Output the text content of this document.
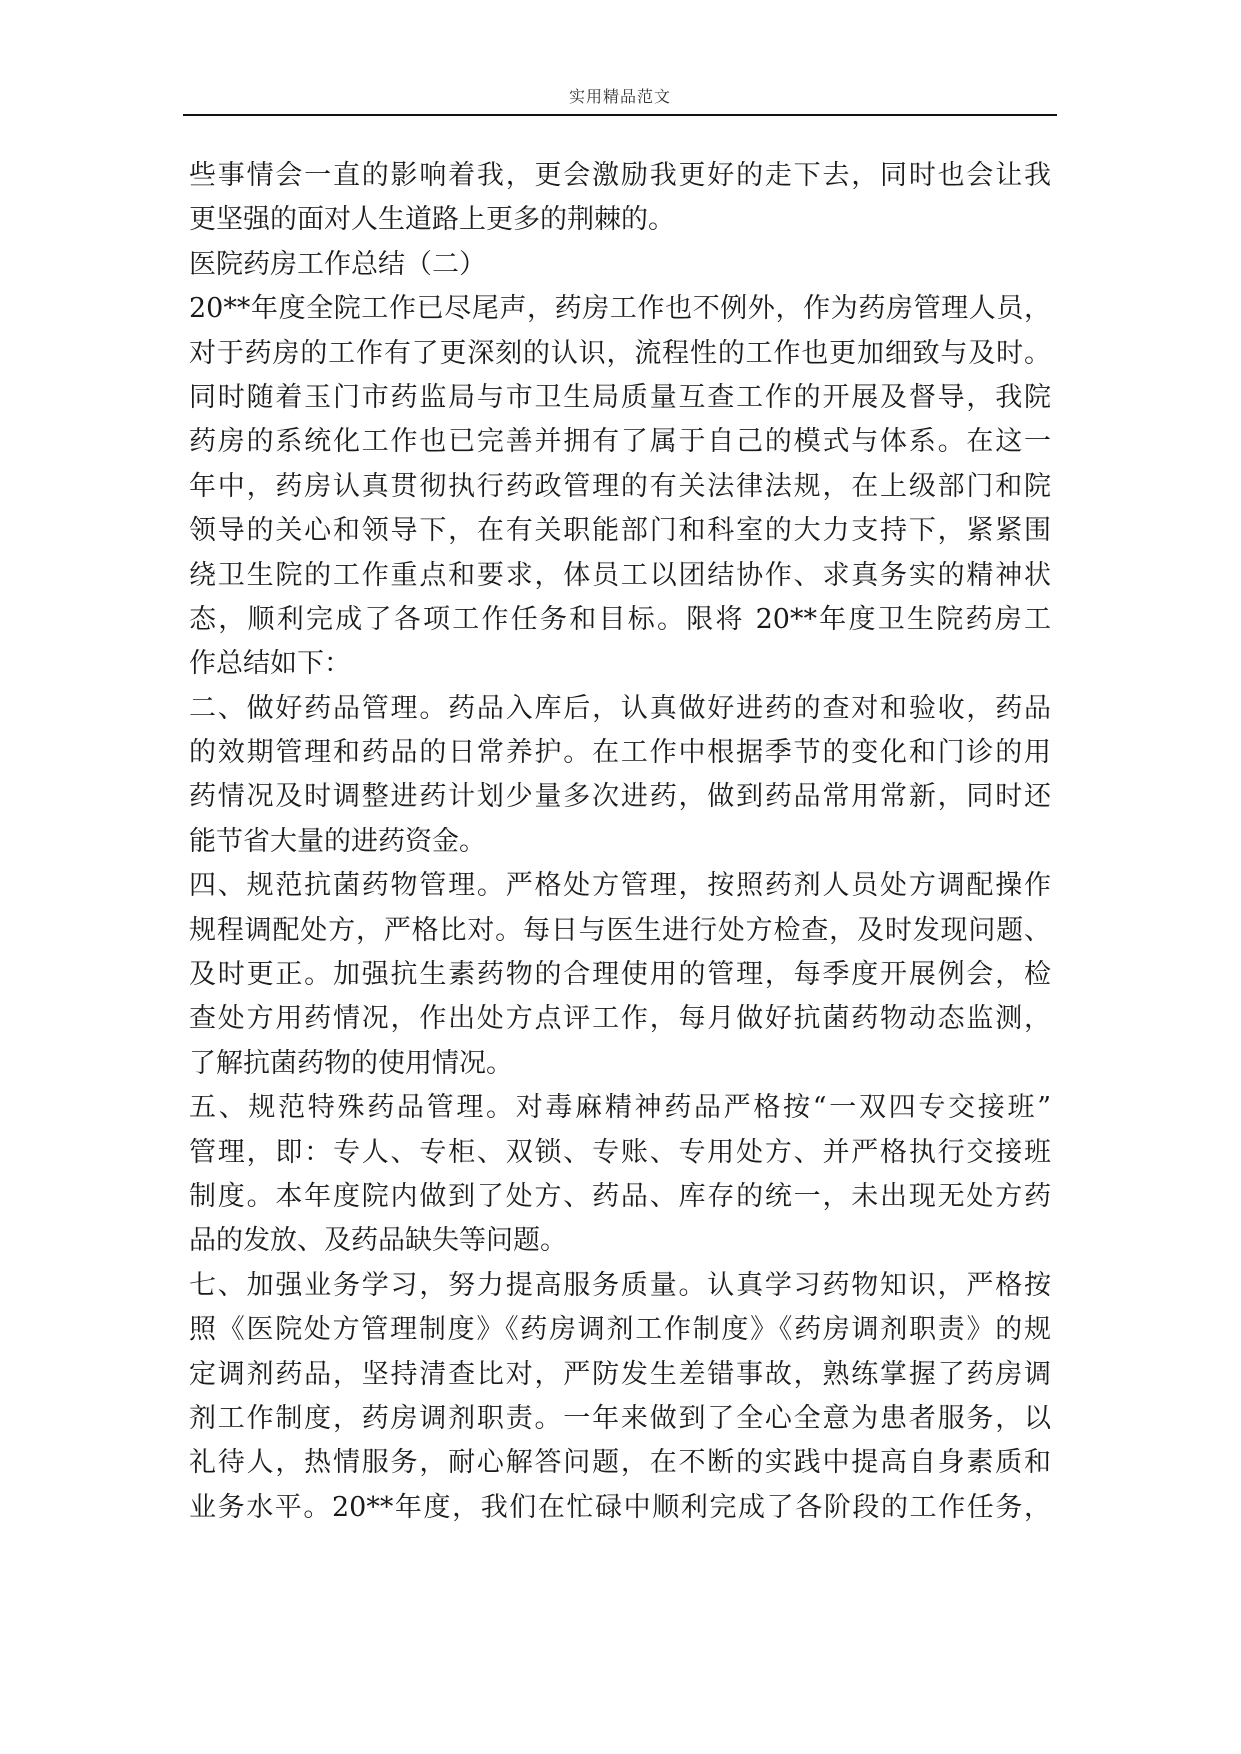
实用精品范文
些事情会一直的影响着我，更会激励我更好的走下去，同时也会让我
更坚强的面对人生道路上更多的荆棘的。
医院药房工作总结（二）
20**年度全院工作已尽尾声，药房工作也不例外，作为药房管理人员，
对于药房的工作有了更深刻的认识，流程性的工作也更加细致与及时。
同时随着玉门市药监局与市卫生局质量互查工作的开展及督导，我院
药房的系统化工作也已完善并拥有了属于自己的模式与体系。在这一
年中，药房认真贯彻执行药政管理的有关法律法规，在上级部门和院
领导的关心和领导下，在有关职能部门和科室的大力支持下，紧紧围
绕卫生院的工作重点和要求，体员工以团结协作、求真务实的精神状
态，顺利完成了各项工作任务和目标。限将 20**年度卫生院药房工
作总结如下：
二、做好药品管理。药品入库后，认真做好进药的查对和验收，药品
的效期管理和药品的日常养护。在工作中根据季节的变化和门诊的用
药情况及时调整进药计划少量多次进药，做到药品常用常新，同时还
能节省大量的进药资金。
四、规范抗菌药物管理。严格处方管理，按照药剂人员处方调配操作
规程调配处方，严格比对。每日与医生进行处方检查，及时发现问题、
及时更正。加强抗生素药物的合理使用的管理，每季度开展例会，检
查处方用药情况，作出处方点评工作，每月做好抗菌药物动态监测，
了解抗菌药物的使用情况。
五、规范特殊药品管理。对毒麻精神药品严格按“一双四专交接班”
管理，即：专人、专柜、双锁、专账、专用处方、并严格执行交接班
制度。本年度院内做到了处方、药品、库存的统一，未出现无处方药
品的发放、及药品缺失等问题。
七、加强业务学习，努力提高服务质量。认真学习药物知识，严格按
照《医院处方管理制度》《药房调剂工作制度》《药房调剂职责》的规
定调剂药品，坚持清查比对，严防发生差错事故，熟练掌握了药房调
剂工作制度，药房调剂职责。一年来做到了全心全意为患者服务，以
礼待人，热情服务，耐心解答问题，在不断的实践中提高自身素质和
业务水平。20**年度，我们在忙碌中顺利完成了各阶段的工作任务，
